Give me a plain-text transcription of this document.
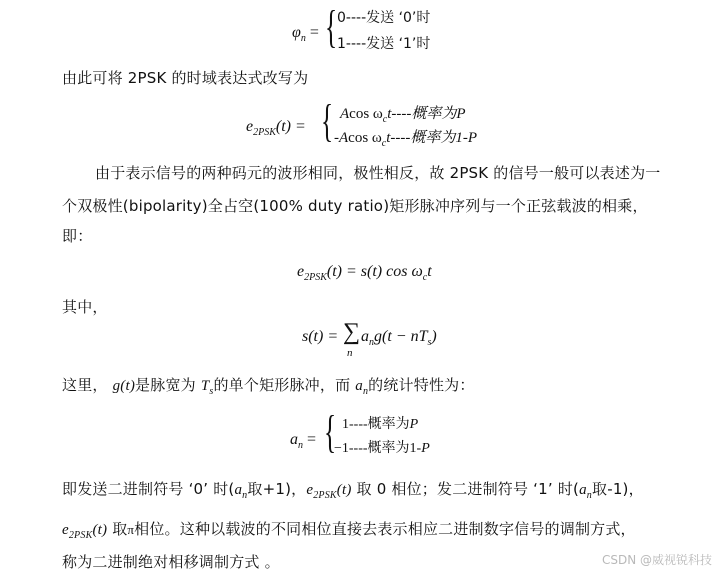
$\varphi_n$ = { 0----发送 ‘0’时
1----发送 ‘1’时
由此可将 2PSK 的时域表达式改写为
$e_{2PSK}(t)$ = { Acos $\omega_ct----$概率为P
-Acos $\omega_ct----$概率为1-P
由于表示信号的两种码元的波形相同，极性相反，故 2PSK 的信号一般可以表述为一
个双极性(bipolarity)全占空(100% duty ratio)矩形脉冲序列与一个正弦载波的相乘，
即：
$e_{2PSK}(t) = s(t)$ $\cos \omega_ct$
其中，
s(t) = ∑
n
$a_ng(t - nT_s)$
这里， g(t)是脉宽为 $T_s$的单个矩形脉冲，而 $a_n$的统计特性为：
$a_n$ = { 1----概率为P
−1----概率为1-P
即发送二进制符号 ‘0’ 时($a_n$取+1)，$e_{2PSK}(t)$ 取 0 相位；发二进制符号 ‘1’ 时($a_n$取-1)，
$e_{2PSK}(t)$ 取π相位。这种以载波的不同相位直接去表示相应二进制数字信号的调制方式，
称为二进制绝对相移调制方式 。	CSDN @威视锐科技
